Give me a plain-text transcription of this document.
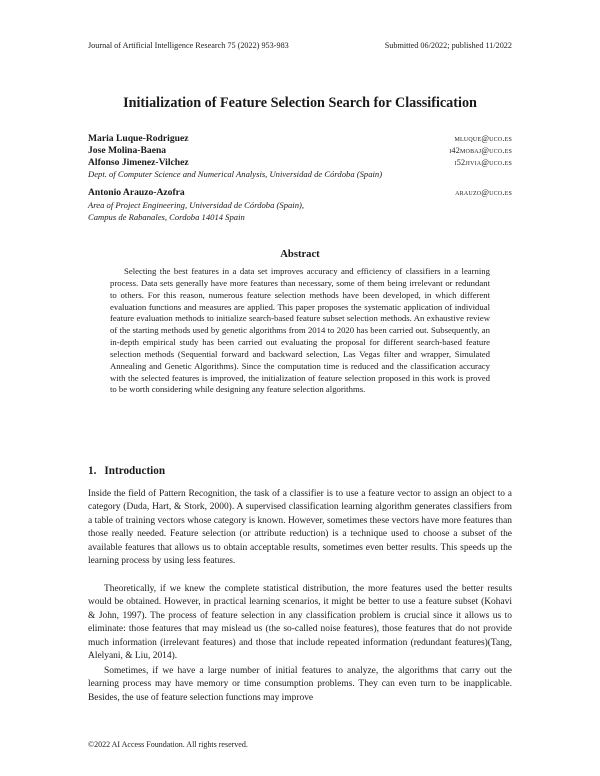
Journal of Artificial Intelligence Research 75 (2022) 953-983	Submitted 06/2022; published 11/2022
Initialization of Feature Selection Search for Classification
Maria Luque-Rodriguez	mluque@uco.es
Jose Molina-Baena	i42mobaj@uco.es
Alfonso Jimenez-Vilchez	i52jivia@uco.es
Dept. of Computer Science and Numerical Analysis, Universidad de Córdoba (Spain)
Antonio Arauzo-Azofra	arauzo@uco.es
Area of Project Engineering, Universidad de Córdoba (Spain),
Campus de Rabanales, Cordoba 14014 Spain
Abstract

Selecting the best features in a data set improves accuracy and efficiency of classifiers in a learning process. Data sets generally have more features than necessary, some of them being irrelevant or redundant to others. For this reason, numerous feature selection methods have been developed, in which different evaluation functions and measures are applied. This paper proposes the systematic application of individual feature evaluation methods to initialize search-based feature subset selection methods. An exhaustive review of the starting methods used by genetic algorithms from 2014 to 2020 has been carried out. Subsequently, an in-depth empirical study has been carried out evaluating the proposal for different search-based feature selection methods (Sequential forward and backward selection, Las Vegas filter and wrapper, Simulated Annealing and Genetic Algorithms). Since the computation time is reduced and the classification accuracy with the selected features is improved, the initialization of feature selection proposed in this work is proved to be worth considering while designing any feature selection algorithms.

1. Introduction

Inside the field of Pattern Recognition, the task of a classifier is to use a feature vector to assign an object to a category (Duda, Hart, & Stork, 2000). A supervised classification learning algorithm generates classifiers from a table of training vectors whose category is known. However, sometimes these vectors have more features than those really needed. Feature selection (or attribute reduction) is a technique used to choose a subset of the available features that allows us to obtain acceptable results, sometimes even better results. This speeds up the learning process by using less features.

Theoretically, if we knew the complete statistical distribution, the more features used the better results would be obtained. However, in practical learning scenarios, it might be better to use a feature subset (Kohavi & John, 1997). The process of feature selection in any classification problem is crucial since it allows us to eliminate: those features that may mislead us (the so-called noise features), those features that do not provide much information (irrelevant features) and those that include repeated information (redundant features)(Tang, Alelyani, & Liu, 2014).

Sometimes, if we have a large number of initial features to analyze, the algorithms that carry out the learning process may have memory or time consumption problems. They can even turn to be inapplicable. Besides, the use of feature selection functions may improve

©2022 AI Access Foundation. All rights reserved.
